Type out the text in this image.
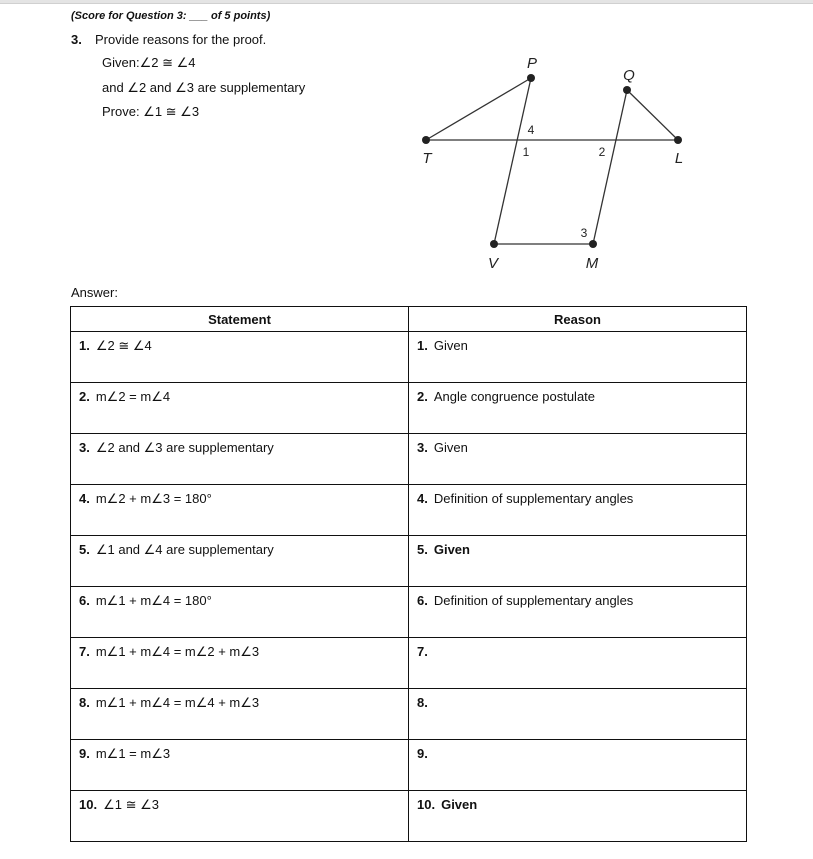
(Score for Question 3: ___ of 5 points)
3. Provide reasons for the proof.
Given:∠2 ≅ ∠4
and ∠2 and ∠3 are supplementary
Prove: ∠1 ≅ ∠3
P
Q
T	L
V	M
4
1	2
3
Answer:
Statement	Reason
1. ∠2 ≅ ∠4	1. Given
2. m∠2 = m∠4	2. Angle congruence postulate
3. ∠2 and ∠3 are supplementary	3. Given
4. m∠2 + m∠3 = 180°	4. Definition of supplementary angles
5. ∠1 and ∠4 are supplementary	5. Given
6. m∠1 + m∠4 = 180°	6. Definition of supplementary angles
7. m∠1 + m∠4 = m∠2 + m∠3	7.
8. m∠1 + m∠4 = m∠4 + m∠3	8.
9. m∠1 = m∠3	9.
10. ∠1 ≅ ∠3	10. Given
